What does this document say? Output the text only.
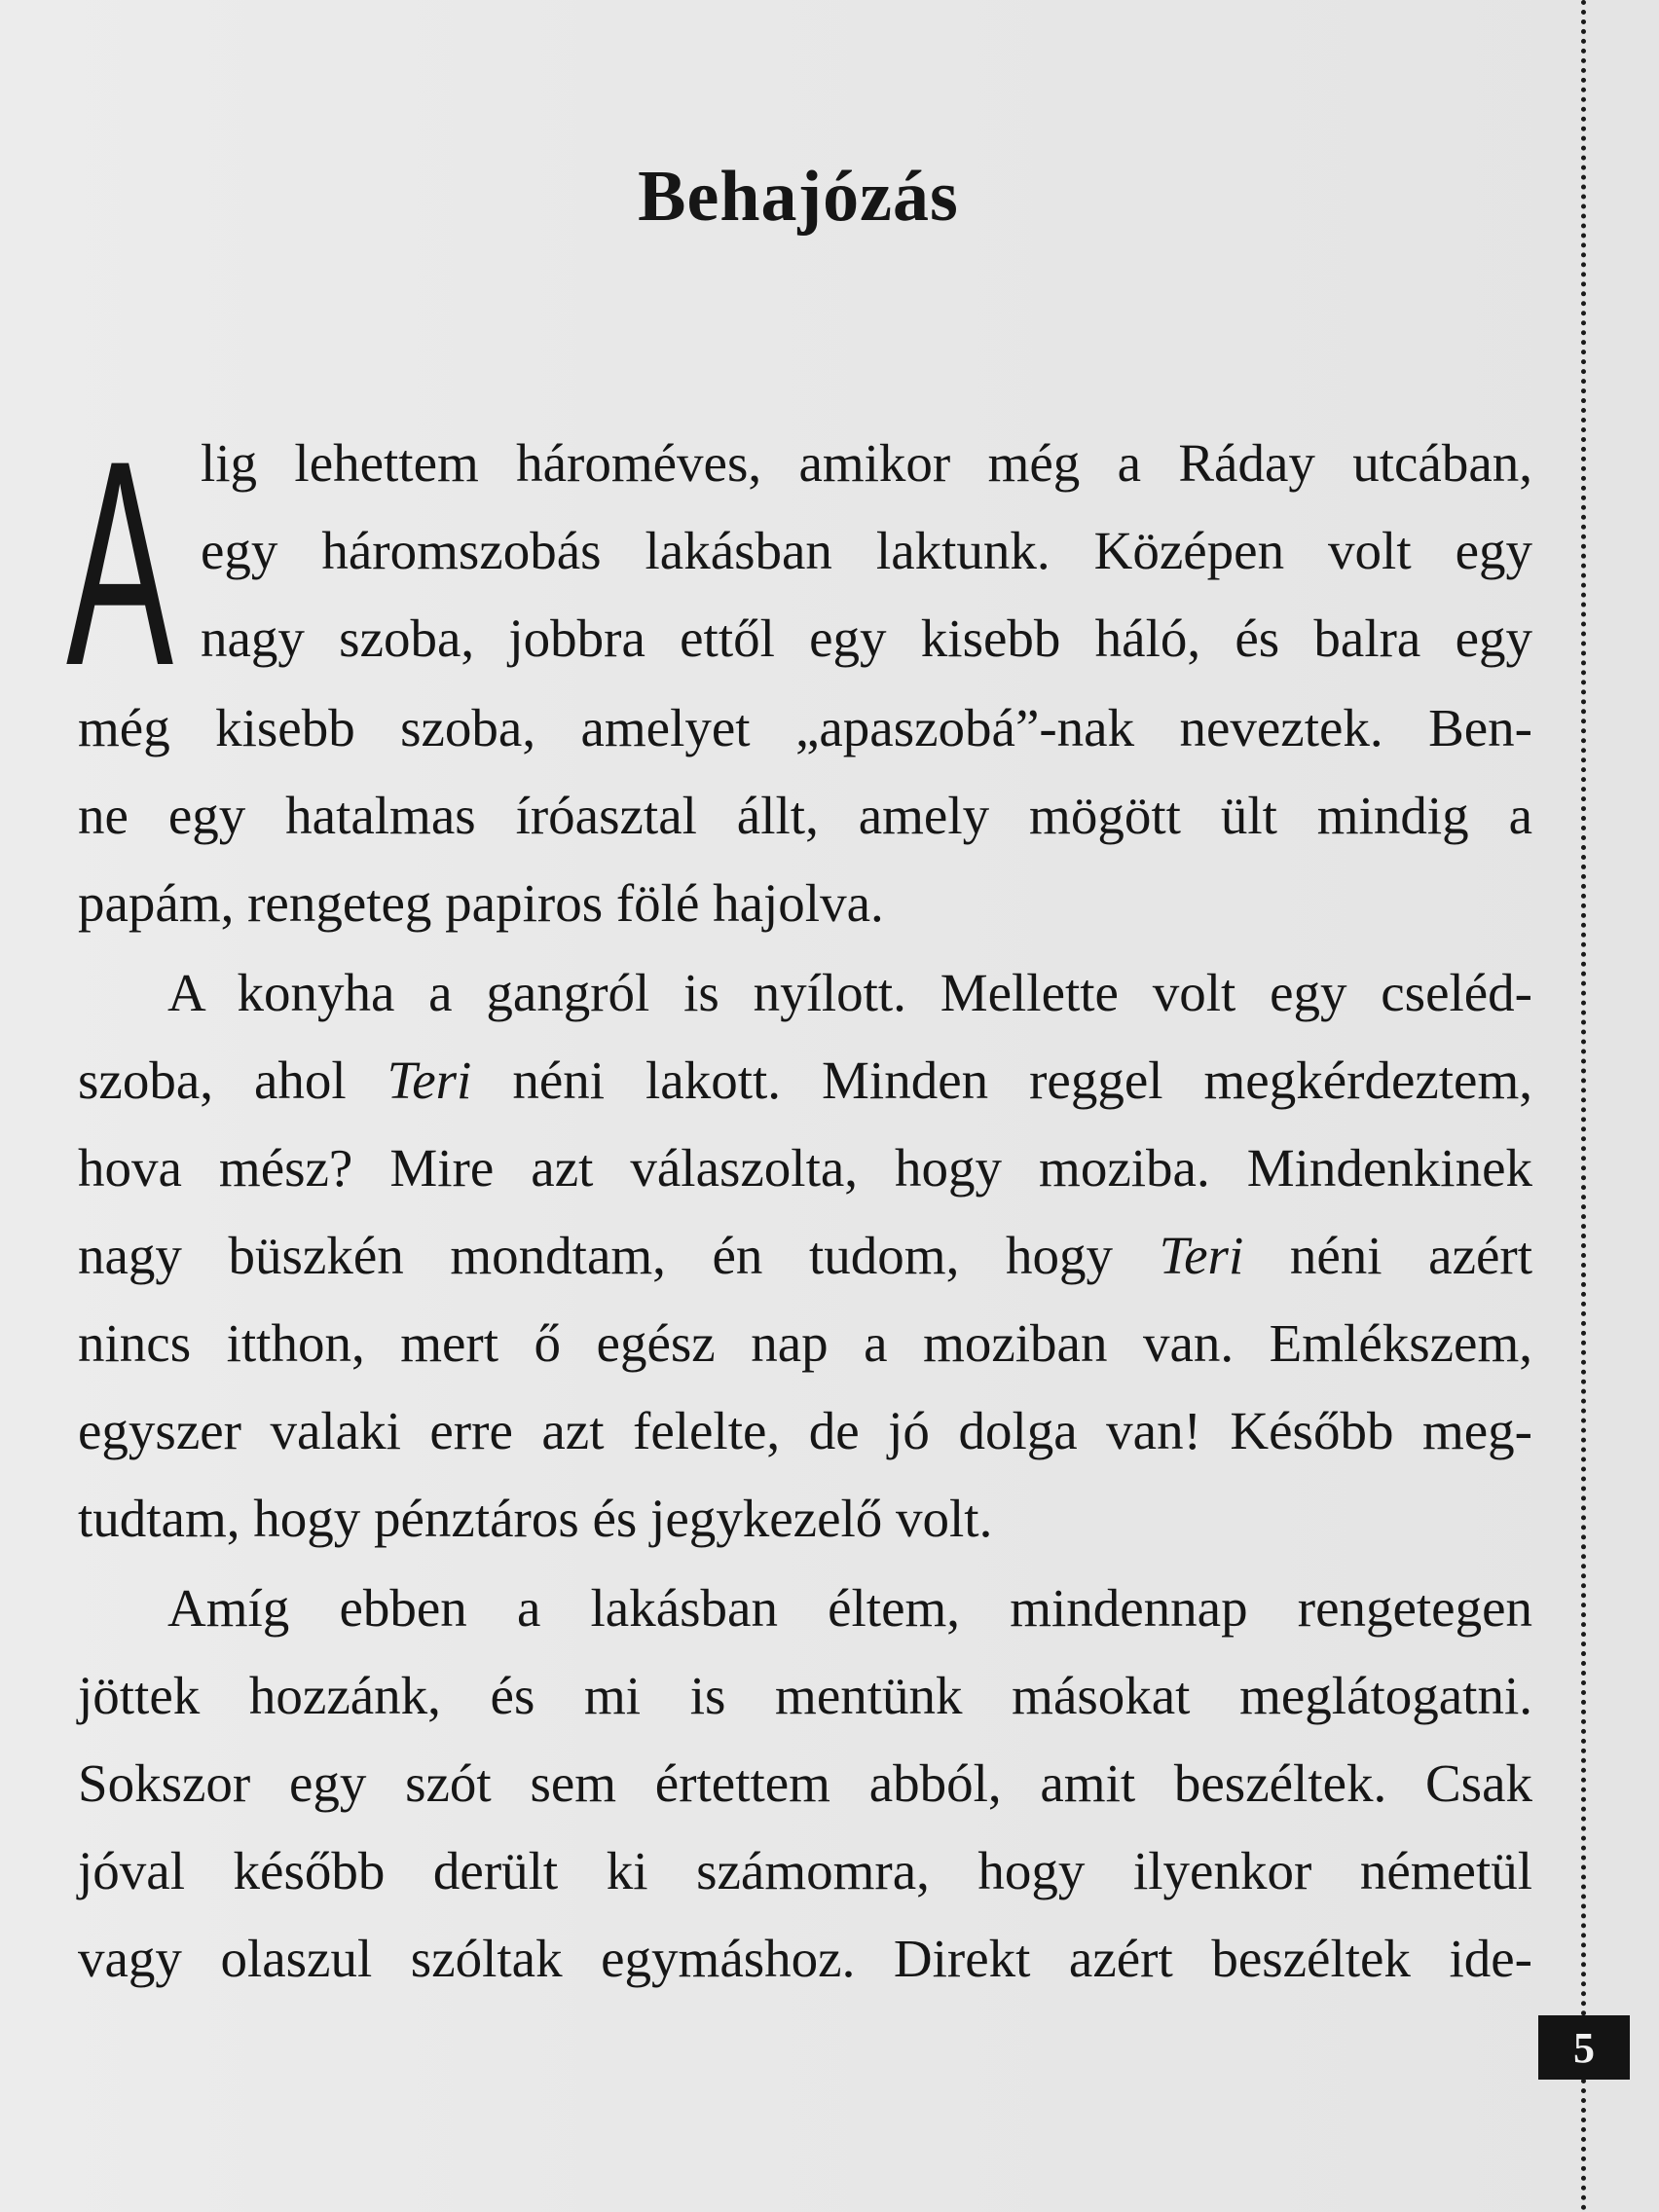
Behajózás
A lig lehettem hároméves, amikor még a Ráday utcában,

egy háromszobás lakásban laktunk. Középen volt egy

nagy szoba, jobbra ettől egy kisebb háló, és balra egy

még kisebb szoba, amelyet „apaszobá”-nak neveztek. Ben-

ne egy hatalmas íróasztal állt, amely mögött ült mindig a

papám, rengeteg papiros fölé hajolva.

A konyha a gangról is nyílott. Mellette volt egy cseléd-

szoba, ahol Teri néni lakott. Minden reggel megkérdeztem,

hova mész? Mire azt válaszolta, hogy moziba. Mindenkinek

nagy büszkén mondtam, én tudom, hogy Teri néni azért

nincs itthon, mert ő egész nap a moziban van. Emlékszem,

egyszer valaki erre azt felelte, de jó dolga van! Később meg-

tudtam, hogy pénztáros és jegykezelő volt.

Amíg ebben a lakásban éltem, mindennap rengetegen

jöttek hozzánk, és mi is mentünk másokat meglátogatni.

Sokszor egy szót sem értettem abból, amit beszéltek. Csak

jóval később derült ki számomra, hogy ilyenkor németül

vagy olaszul szóltak egymáshoz. Direkt azért beszéltek ide-

5
